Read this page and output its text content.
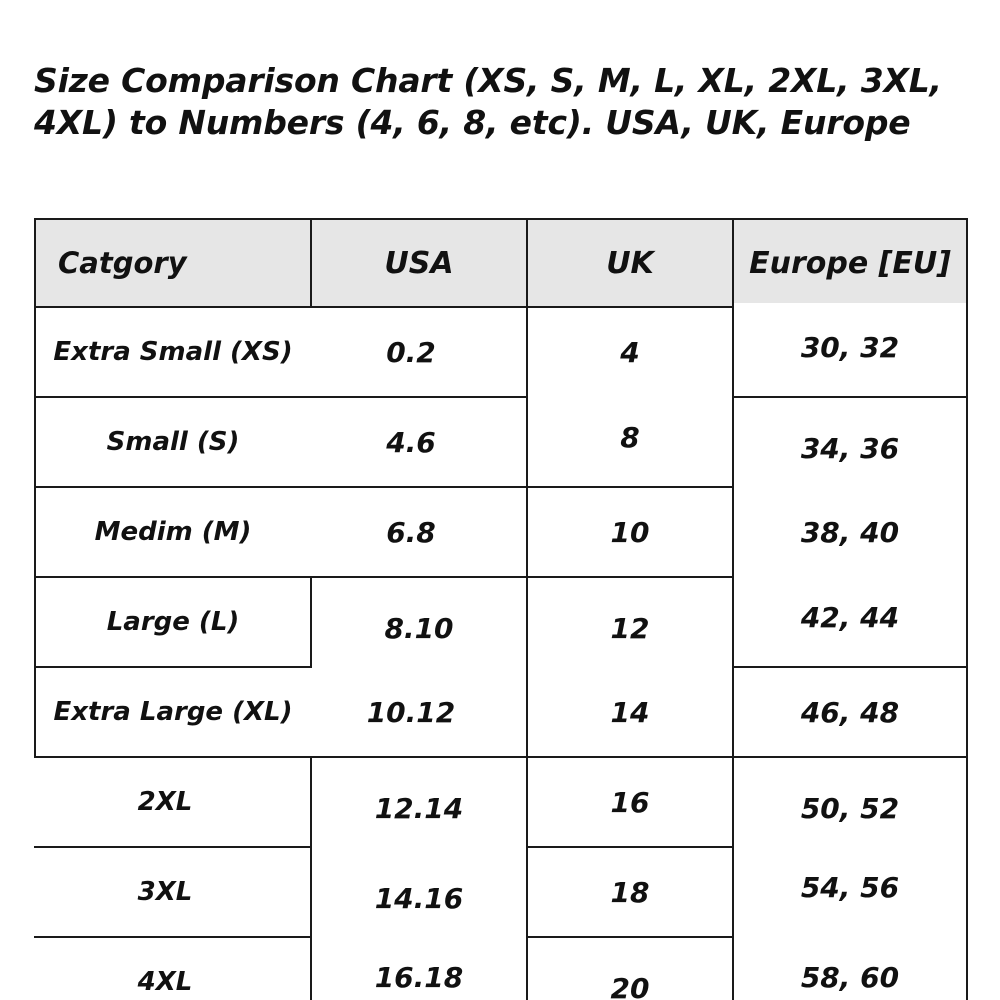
Size Comparison Chart (XS, S, M, L, XL, 2XL, 3XL, 4XL) to Numbers (4, 6, 8, etc). USA, UK, Europe
Catgory	USA	UK	Europe [EU]
Extra Small (XS)	0.2	4	30, 32
Small (S)	4.6	8	34, 36
Medim (M)	6.8	10	38, 40
Large (L)	8.10	12	42, 44
Extra Large (XL)	10.12	14	46, 48
2XL	12.14	16	50, 52
3XL	14.16	18	54, 56
4XL	16.18	20	58, 60
